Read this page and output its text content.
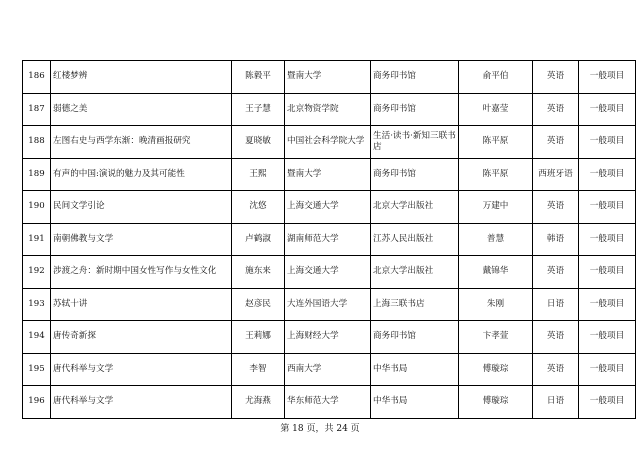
186	红楼梦辨	陈毅平	暨南大学	商务印书馆	俞平伯	英语	一般项目
187	弱德之美	王子慧	北京物资学院	商务印书馆	叶嘉莹	英语	一般项目
188	左图右史与西学东渐：晚清画报研究	夏晓敏	中国社会科学院大学	生活·读书·新知三联书店	陈平原	英语	一般项目
189	有声的中国:演说的魅力及其可能性	王熙	暨南大学	商务印书馆	陈平原	西班牙语	一般项目
190	民间文学引论	沈悠	上海交通大学	北京大学出版社	万建中	英语	一般项目
191	南朝佛教与文学	卢鹤淑	湖南师范大学	江苏人民出版社	普慧	韩语	一般项目
192	涉渡之舟：新时期中国女性写作与女性文化	施东来	上海交通大学	北京大学出版社	戴锦华	英语	一般项目
193	苏轼十讲	赵彦民	大连外国语大学	上海三联书店	朱刚	日语	一般项目
194	唐传奇新探	王莉娜	上海财经大学	商务印书馆	卞孝萱	英语	一般项目
195	唐代科举与文学	李智	西南大学	中华书局	傅璇琮	英语	一般项目
196	唐代科举与文学	尤海燕	华东师范大学	中华书局	傅璇琮	日语	一般项目
第 18 页，共 24 页
